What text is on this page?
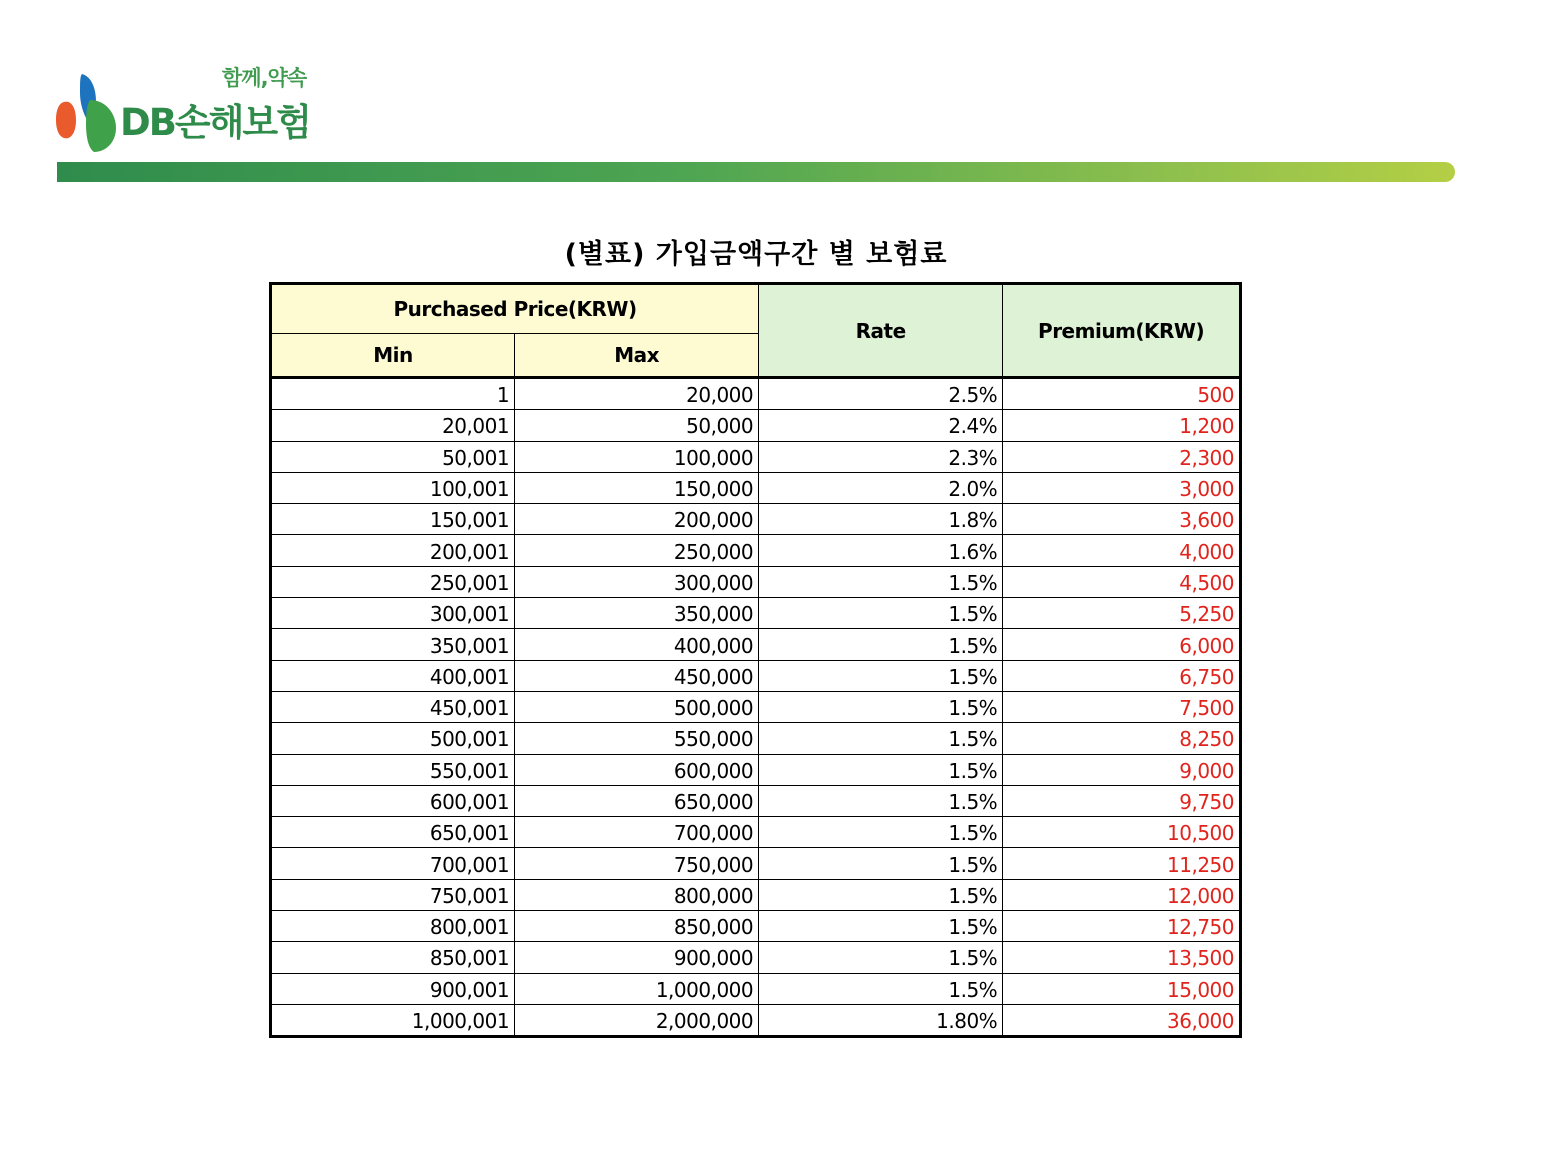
함께,약속
DB손해보험
(별표) 가입금액구간 별 보험료
Purchased Price(KRW)		Rate	Premium(KRW)
Min	Max		
1	20,000	2.5%	500
20,001	50,000	2.4%	1,200
50,001	100,000	2.3%	2,300
100,001	150,000	2.0%	3,000
150,001	200,000	1.8%	3,600
200,001	250,000	1.6%	4,000
250,001	300,000	1.5%	4,500
300,001	350,000	1.5%	5,250
350,001	400,000	1.5%	6,000
400,001	450,000	1.5%	6,750
450,001	500,000	1.5%	7,500
500,001	550,000	1.5%	8,250
550,001	600,000	1.5%	9,000
600,001	650,000	1.5%	9,750
650,001	700,000	1.5%	10,500
700,001	750,000	1.5%	11,250
750,001	800,000	1.5%	12,000
800,001	850,000	1.5%	12,750
850,001	900,000	1.5%	13,500
900,001	1,000,000	1.5%	15,000
1,000,001	2,000,000	1.80%	36,000
